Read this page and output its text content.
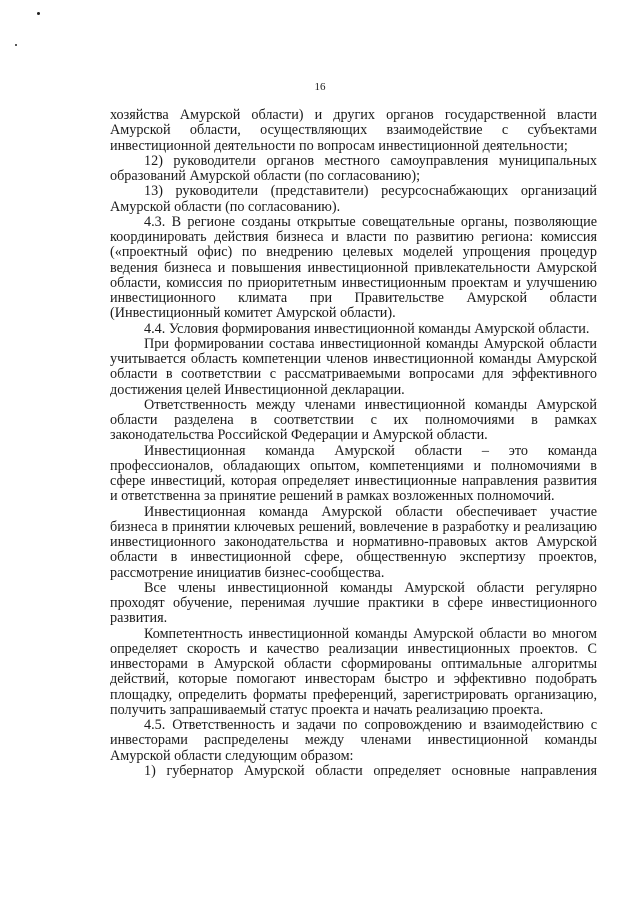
16

хозяйства Амурской области) и других органов государственной власти Амурской области, осуществляющих взаимодействие с субъектами инвестиционной деятельности по вопросам инвестиционной деятельности;

12) руководители органов местного самоуправления муниципальных образований Амурской области (по согласованию);

13) руководители (представители) ресурсоснабжающих организаций Амурской области (по согласованию).

4.3. В регионе созданы открытые совещательные органы, позволяющие координировать действия бизнеса и власти по развитию региона: комиссия («проектный офис) по внедрению целевых моделей упрощения процедур ведения бизнеса и повышения инвестиционной привлекательности Амурской области, комиссия по приоритетным инвестиционным проектам и улучшению инвестиционного климата при Правительстве Амурской области (Инвестиционный комитет Амурской области).

4.4. Условия формирования инвестиционной команды Амурской области.

При формировании состава инвестиционной команды Амурской области учитывается область компетенции членов инвестиционной команды Амурской области в соответствии с рассматриваемыми вопросами для эффективного достижения целей Инвестиционной декларации.

Ответственность между членами инвестиционной команды Амурской области разделена в соответствии с их полномочиями в рамках законодательства Российской Федерации и Амурской области.

Инвестиционная команда Амурской области – это команда профессионалов, обладающих опытом, компетенциями и полномочиями в сфере инвестиций, которая определяет инвестиционные направления развития и ответственна за принятие решений в рамках возложенных полномочий.

Инвестиционная команда Амурской области обеспечивает участие бизнеса в принятии ключевых решений, вовлечение в разработку и реализацию инвестиционного законодательства и нормативно-правовых актов Амурской области в инвестиционной сфере, общественную экспертизу проектов, рассмотрение инициатив бизнес-сообщества.

Все члены инвестиционной команды Амурской области регулярно проходят обучение, перенимая лучшие практики в сфере инвестиционного развития.

Компетентность инвестиционной команды Амурской области во многом определяет скорость и качество реализации инвестиционных проектов. С инвесторами в Амурской области сформированы оптимальные алгоритмы действий, которые помогают инвесторам быстро и эффективно подобрать площадку, определить форматы преференций, зарегистрировать организацию, получить запрашиваемый статус проекта и начать реализацию проекта.

4.5. Ответственность и задачи по сопровождению и взаимодействию с инвесторами распределены между членами инвестиционной команды Амурской области следующим образом:

1) губернатор Амурской области определяет основные направления
